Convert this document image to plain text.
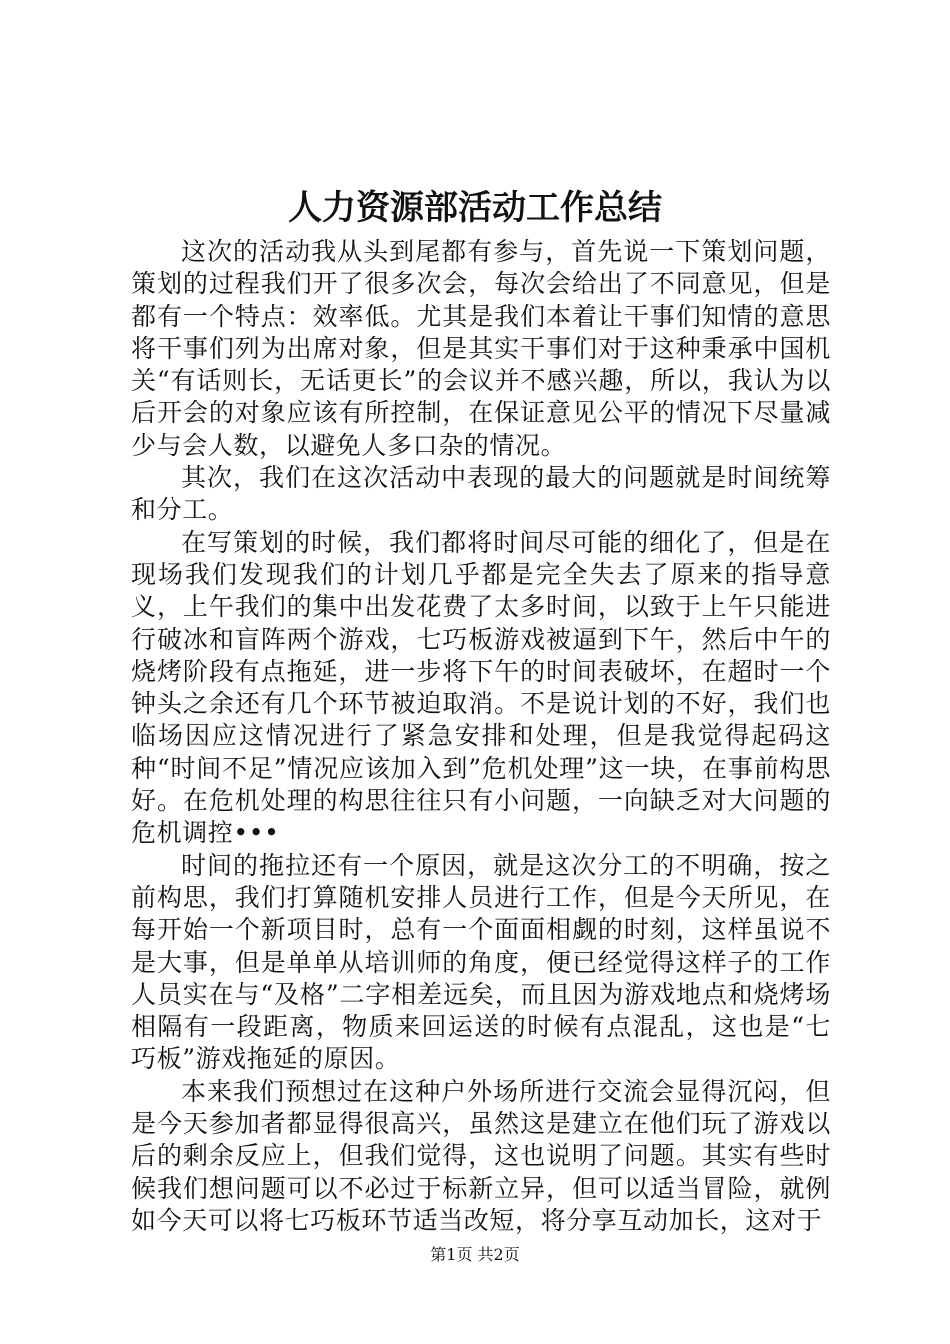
人力资源部活动工作总结

这次的活动我从头到尾都有参与，首先说一下策划问题，策划的过程我们开了很多次会，每次会给出了不同意见，但是都有一个特点：效率低。尤其是我们本着让干事们知情的意思将干事们列为出席对象，但是其实干事们对于这种秉承中国机关“有话则长，无话更长”的会议并不感兴趣，所以，我认为以后开会的对象应该有所控制，在保证意见公平的情况下尽量减少与会人数，以避免人多口杂的情况。

其次，我们在这次活动中表现的最大的问题就是时间统筹和分工。

在写策划的时候，我们都将时间尽可能的细化了，但是在现场我们发现我们的计划几乎都是完全失去了原来的指导意义，上午我们的集中出发花费了太多时间，以致于上午只能进行破冰和盲阵两个游戏，七巧板游戏被逼到下午，然后中午的烧烤阶段有点拖延，进一步将下午的时间表破坏，在超时一个钟头之余还有几个环节被迫取消。不是说计划的不好，我们也临场因应这情况进行了紧急安排和处理，但是我觉得起码这种“时间不足”情况应该加入到”危机处理”这一块，在事前构思好。在危机处理的构思往往只有小问题，一向缺乏对大问题的危机调控•••

时间的拖拉还有一个原因，就是这次分工的不明确，按之前构思，我们打算随机安排人员进行工作，但是今天所见，在每开始一个新项目时，总有一个面面相觑的时刻，这样虽说不是大事，但是单单从培训师的角度，便已经觉得这样子的工作人员实在与“及格”二字相差远矣，而且因为游戏地点和烧烤场相隔有一段距离，物质来回运送的时候有点混乱，这也是“七巧板”游戏拖延的原因。

本来我们预想过在这种户外场所进行交流会显得沉闷，但是今天参加者都显得很高兴，虽然这是建立在他们玩了游戏以后的剩余反应上，但我们觉得，这也说明了问题。其实有些时候我们想问题可以不必过于标新立异，但可以适当冒险，就例如今天可以将七巧板环节适当改短，将分享互动加长，这对于

第1页 共2页
